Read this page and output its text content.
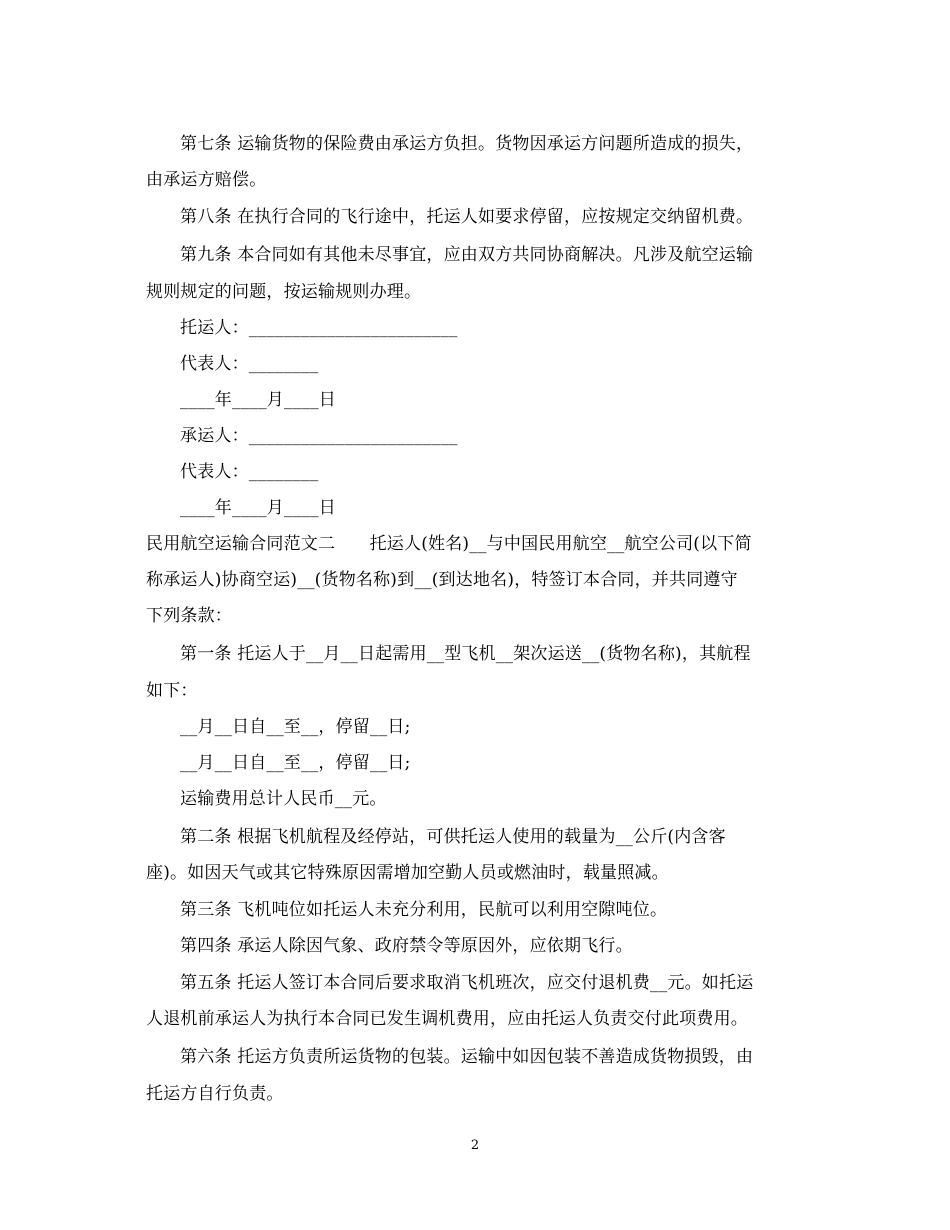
第七条 运输货物的保险费由承运方负担。货物因承运方问题所造成的损失，
由承运方赔偿。
第八条 在执行合同的飞行途中，托运人如要求停留，应按规定交纳留机费。
第九条 本合同如有其他未尽事宜，应由双方共同协商解决。凡涉及航空运输
规则规定的问题，按运输规则办理。
托运人：________________________
代表人：________
____年____月____日
承运人：________________________
代表人：________
____年____月____日
民用航空运输合同范文二　　托运人(姓名)__与中国民用航空__航空公司(以下简
称承运人)协商空运)__(货物名称)到__(到达地名)，特签订本合同，并共同遵守
下列条款：
第一条 托运人于__月__日起需用__型飞机__架次运送__(货物名称)，其航程
如下：
__月__日自__至__，停留__日;
__月__日自__至__，停留__日;
运输费用总计人民币__元。
第二条 根据飞机航程及经停站，可供托运人使用的载量为__公斤(内含客
座)。如因天气或其它特殊原因需增加空勤人员或燃油时，载量照减。
第三条 飞机吨位如托运人未充分利用，民航可以利用空隙吨位。
第四条 承运人除因气象、政府禁令等原因外，应依期飞行。
第五条 托运人签订本合同后要求取消飞机班次，应交付退机费__元。如托运
人退机前承运人为执行本合同已发生调机费用，应由托运人负责交付此项费用。
第六条 托运方负责所运货物的包装。运输中如因包装不善造成货物损毁，由
托运方自行负责。
2
